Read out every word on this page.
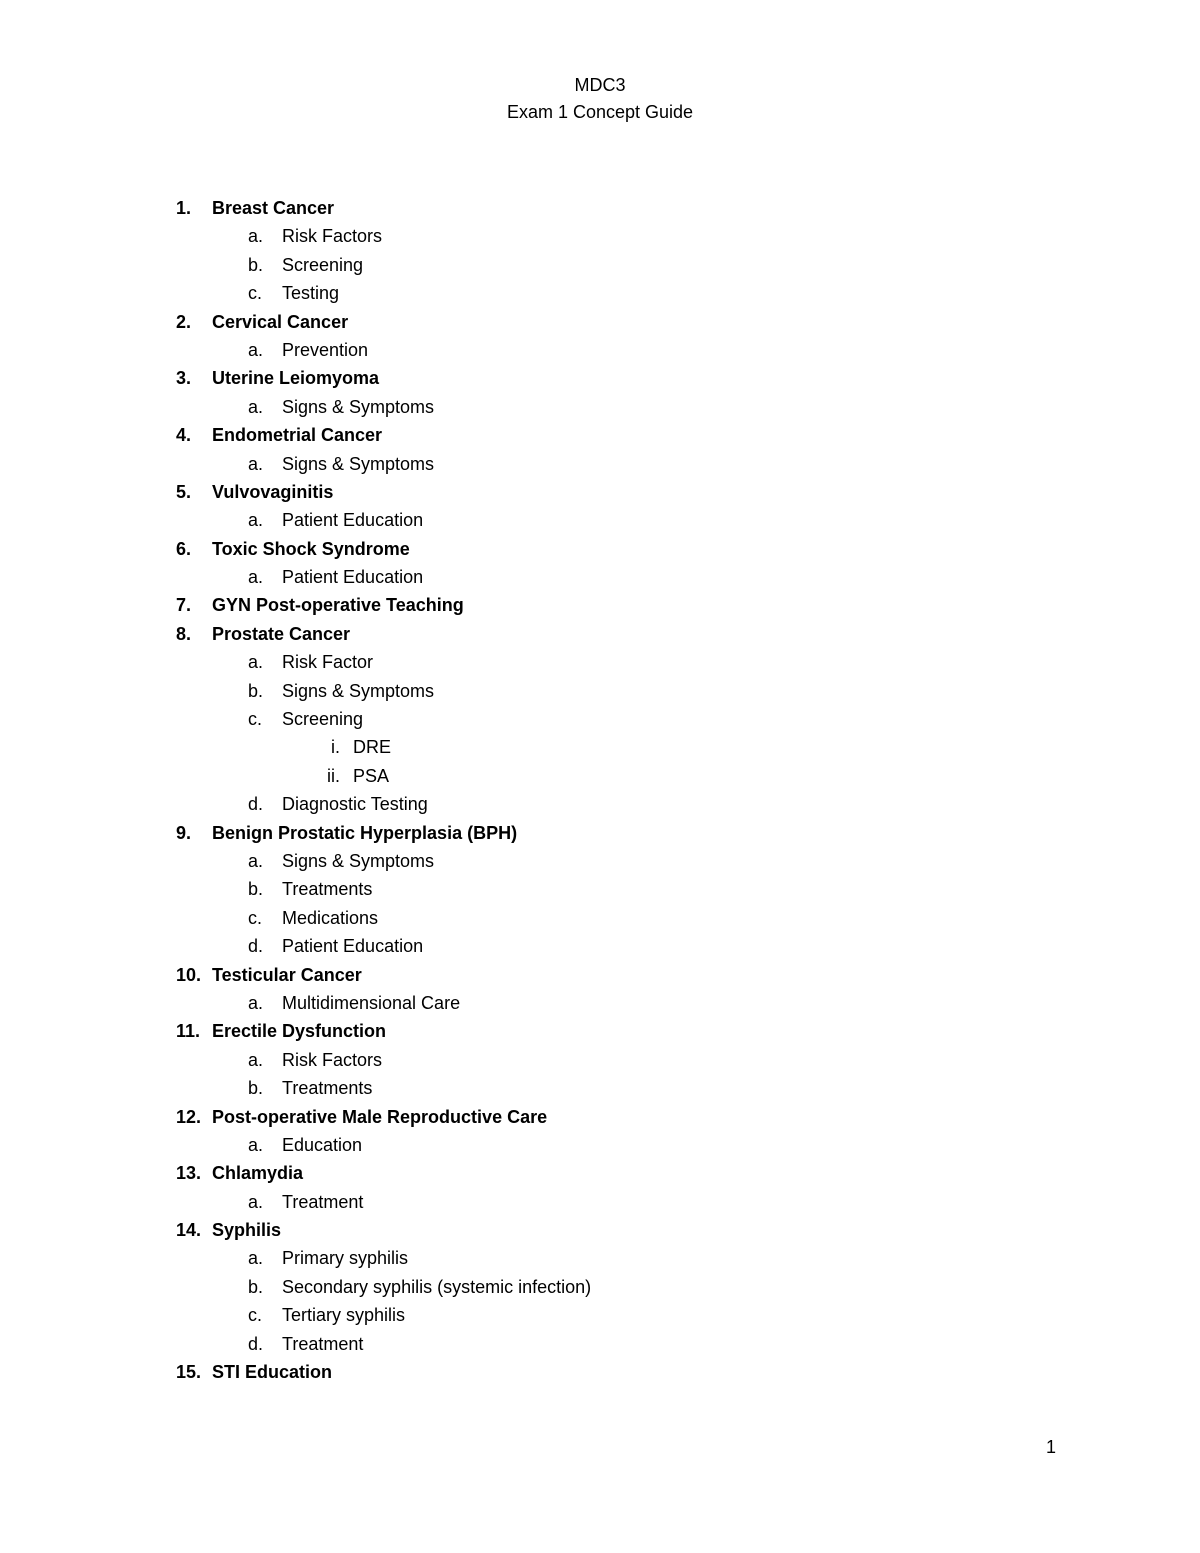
MDC3
Exam 1 Concept Guide
1. Breast Cancer
a. Risk Factors
b. Screening
c. Testing
2. Cervical Cancer
a. Prevention
3. Uterine Leiomyoma
a. Signs & Symptoms
4. Endometrial Cancer
a. Signs & Symptoms
5. Vulvovaginitis
a. Patient Education
6. Toxic Shock Syndrome
a. Patient Education
7. GYN Post-operative Teaching
8. Prostate Cancer
a. Risk Factor
b. Signs & Symptoms
c. Screening
i. DRE
ii. PSA
d. Diagnostic Testing
9. Benign Prostatic Hyperplasia (BPH)
a. Signs & Symptoms
b. Treatments
c. Medications
d. Patient Education
10. Testicular Cancer
a. Multidimensional Care
11. Erectile Dysfunction
a. Risk Factors
b. Treatments
12. Post-operative Male Reproductive Care
a. Education
13. Chlamydia
a. Treatment
14. Syphilis
a. Primary syphilis
b. Secondary syphilis (systemic infection)
c. Tertiary syphilis
d. Treatment
15. STI Education
1
